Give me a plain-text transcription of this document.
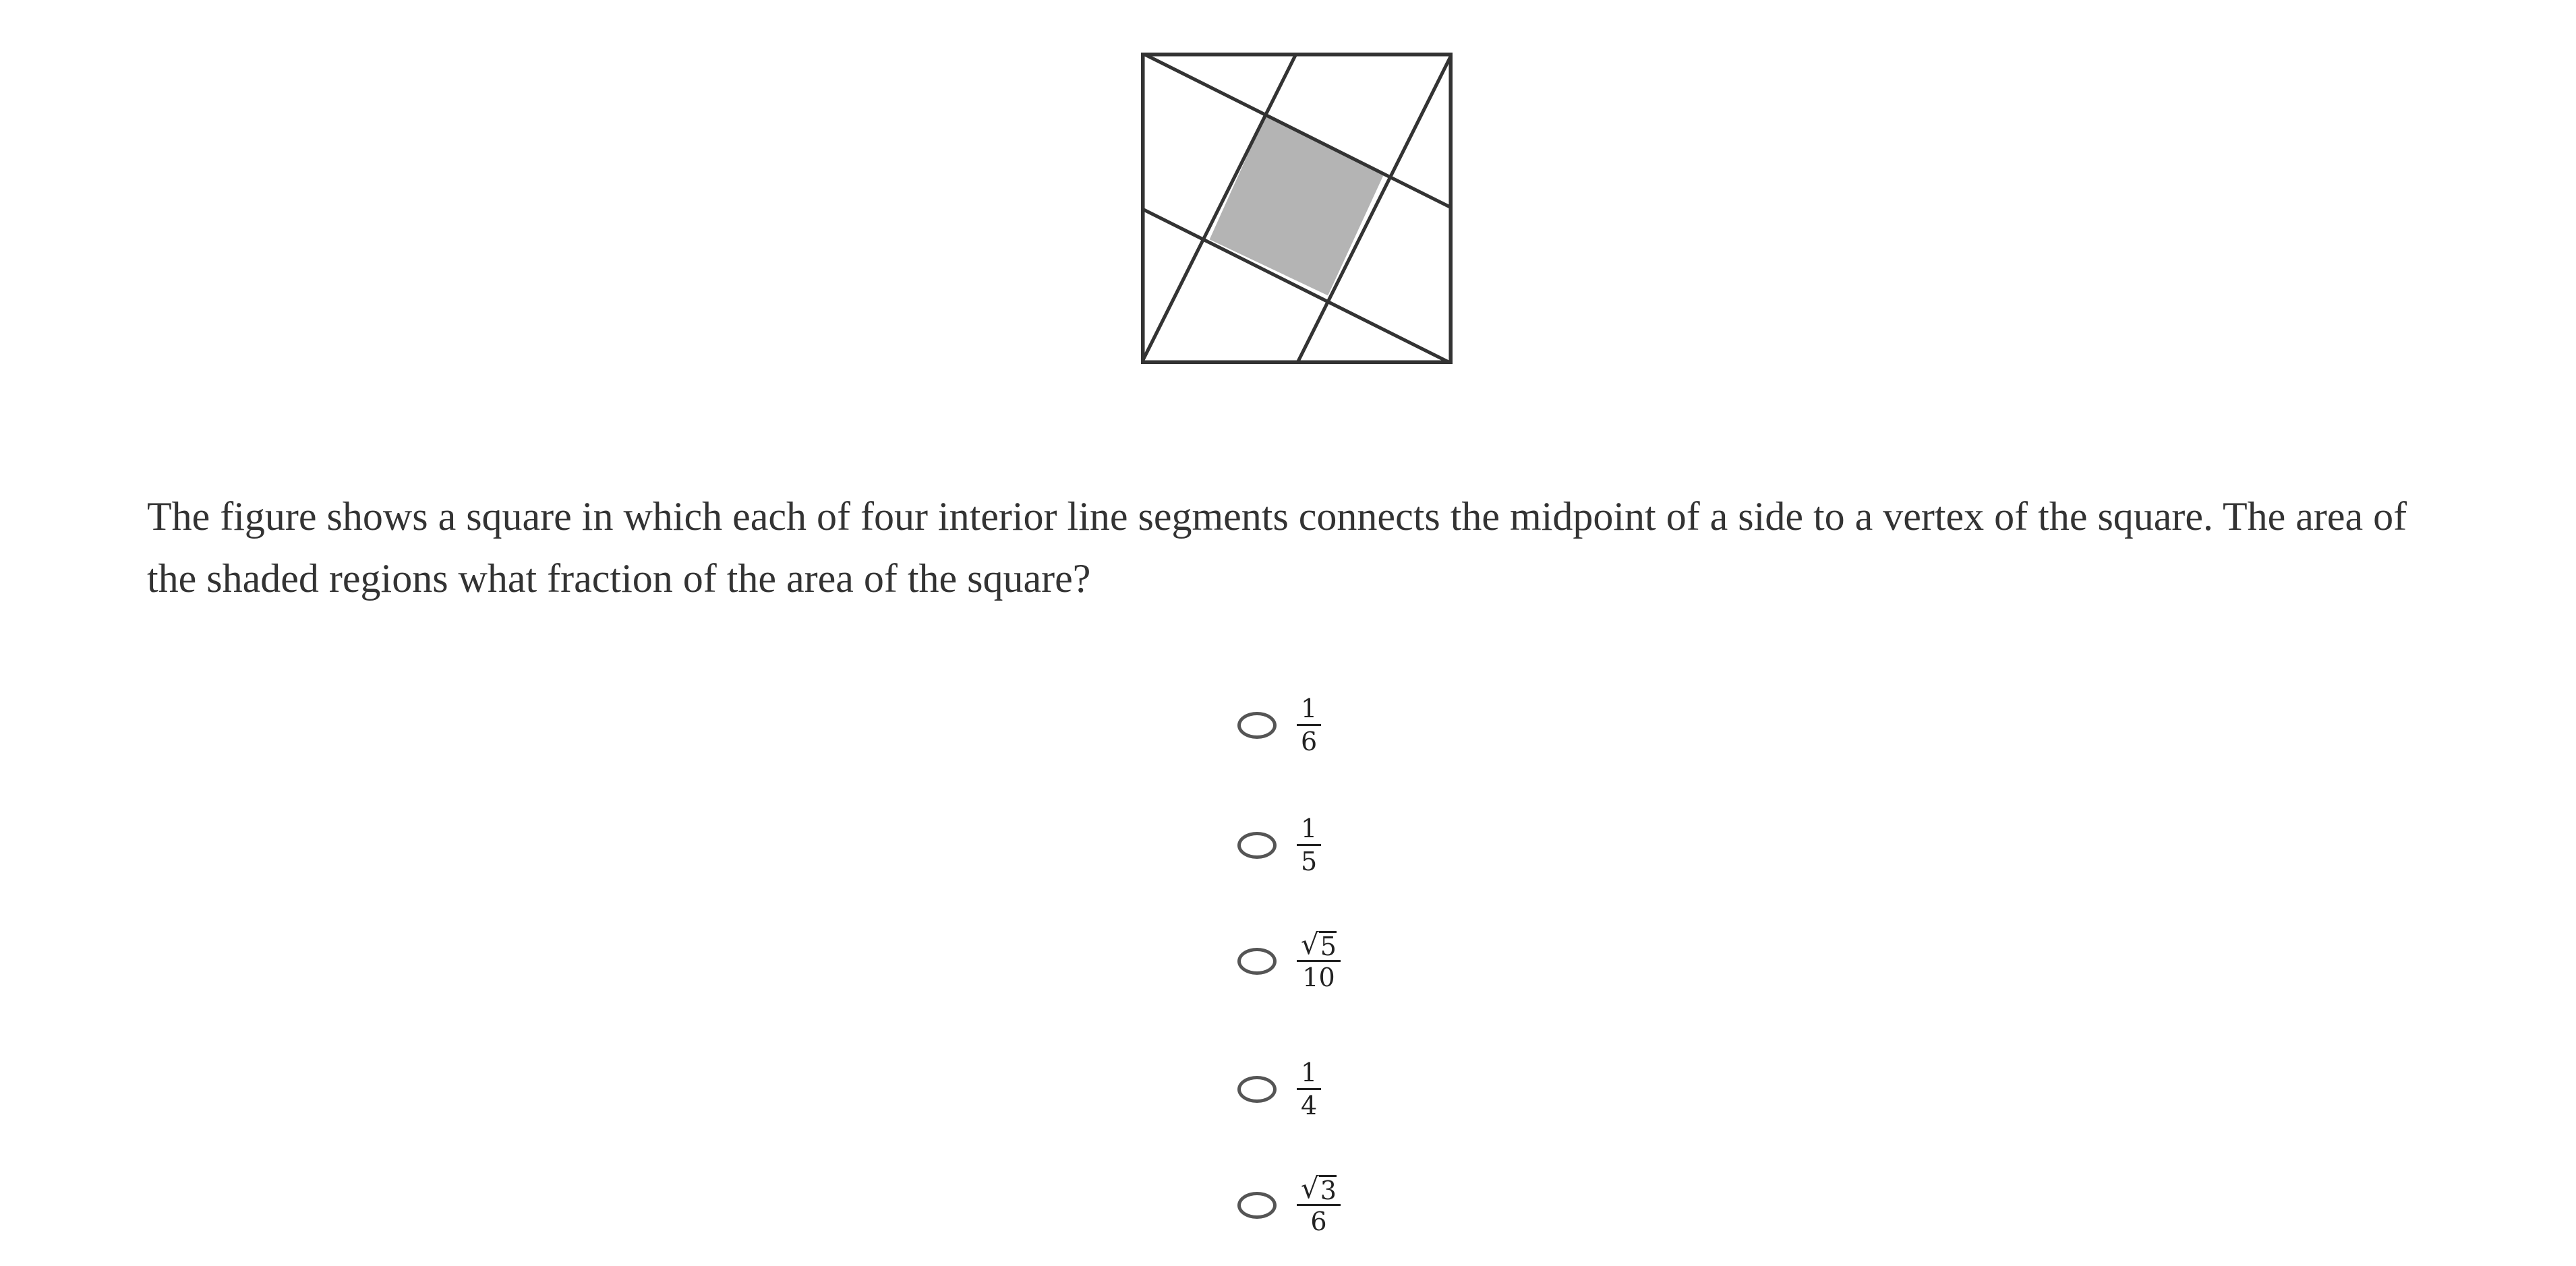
The figure shows a square in which each of four interior line segments connects the midpoint of a side to a vertex of the square. The area of the shaded regions what fraction of the area of the square?
$\frac{1}{6}$
$\frac{1}{5}$
$\frac{√ 5}{10}$
$\frac{1}{4}$
$\frac{√ 3}{6}$
